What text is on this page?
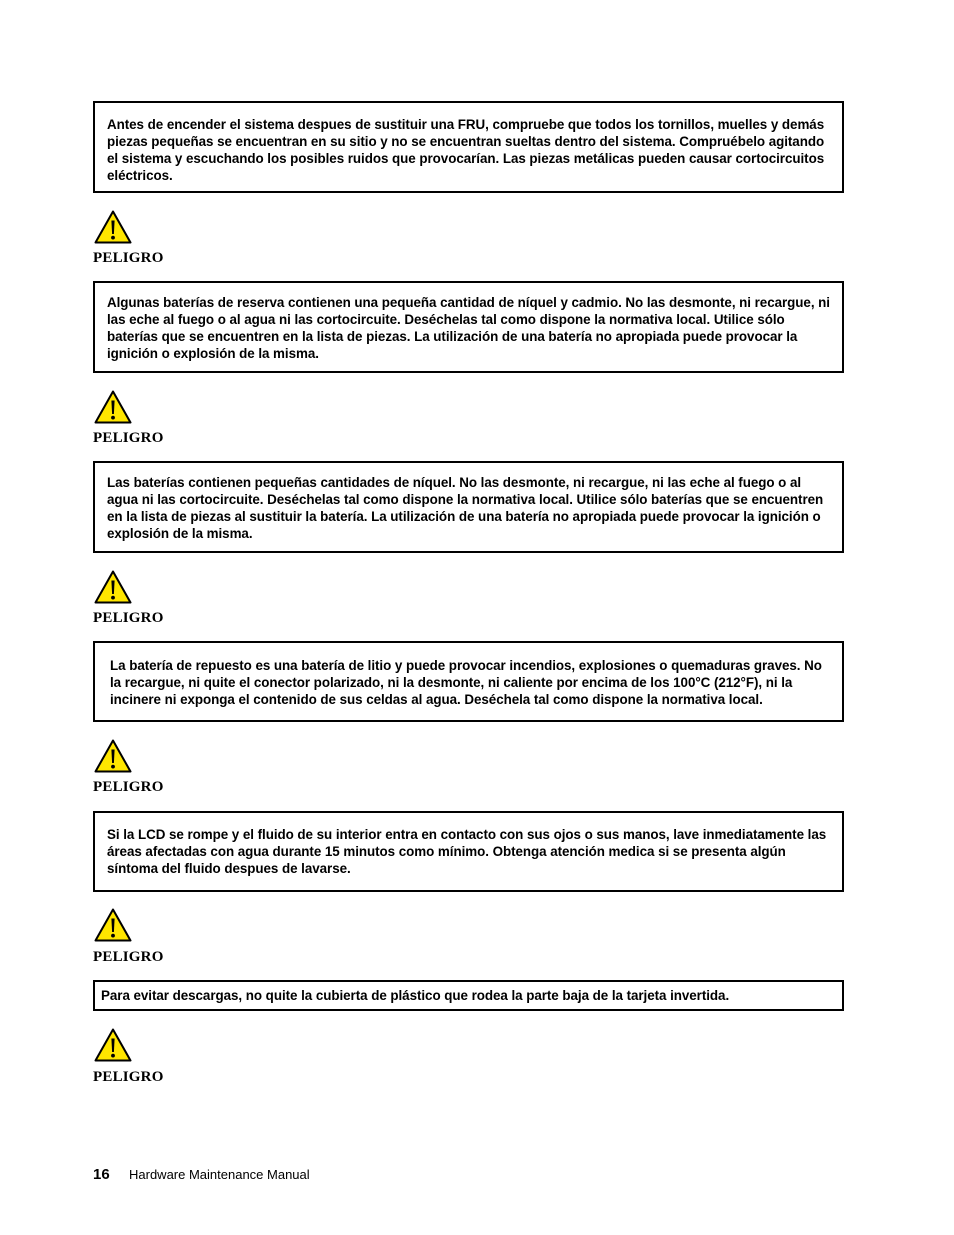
Antes de encender el sistema despues de sustituir una FRU, compruebe que todos los tornillos, muelles y demás piezas pequeñas se encuentran en su sitio y no se encuentran sueltas dentro del sistema. Compruébelo agitando el sistema y escuchando los posibles ruidos que provocarían. Las piezas metálicas pueden causar cortocircuitos eléctricos.

PELIGRO

Algunas baterías de reserva contienen una pequeña cantidad de níquel y cadmio. No las desmonte, ni recargue, ni las eche al fuego o al agua ni las cortocircuite. Deséchelas tal como dispone la normativa local. Utilice sólo baterías que se encuentren en la lista de piezas. La utilización de una batería no apropiada puede provocar la ignición o explosión de la misma.

PELIGRO

Las baterías contienen pequeñas cantidades de níquel. No las desmonte, ni recargue, ni las eche al fuego o al agua ni las cortocircuite. Deséchelas tal como dispone la normativa local. Utilice sólo baterías que se encuentren en la lista de piezas al sustituir la batería. La utilización de una batería no apropiada puede provocar la ignición o explosión de la misma.

PELIGRO

La batería de repuesto es una batería de litio y puede provocar incendios, explosiones o quemaduras graves. No la recargue, ni quite el conector polarizado, ni la desmonte, ni caliente por encima de los 100°C (212°F), ni la incinere ni exponga el contenido de sus celdas al agua. Deséchela tal como dispone la normativa local.

PELIGRO

Si la LCD se rompe y el fluido de su interior entra en contacto con sus ojos o sus manos, lave inmediatamente las áreas afectadas con agua durante 15 minutos como mínimo. Obtenga atención medica si se presenta algún síntoma del fluido despues de lavarse.

PELIGRO

Para evitar descargas, no quite la cubierta de plástico que rodea la parte baja de la tarjeta invertida.

PELIGRO
16	Hardware Maintenance Manual
